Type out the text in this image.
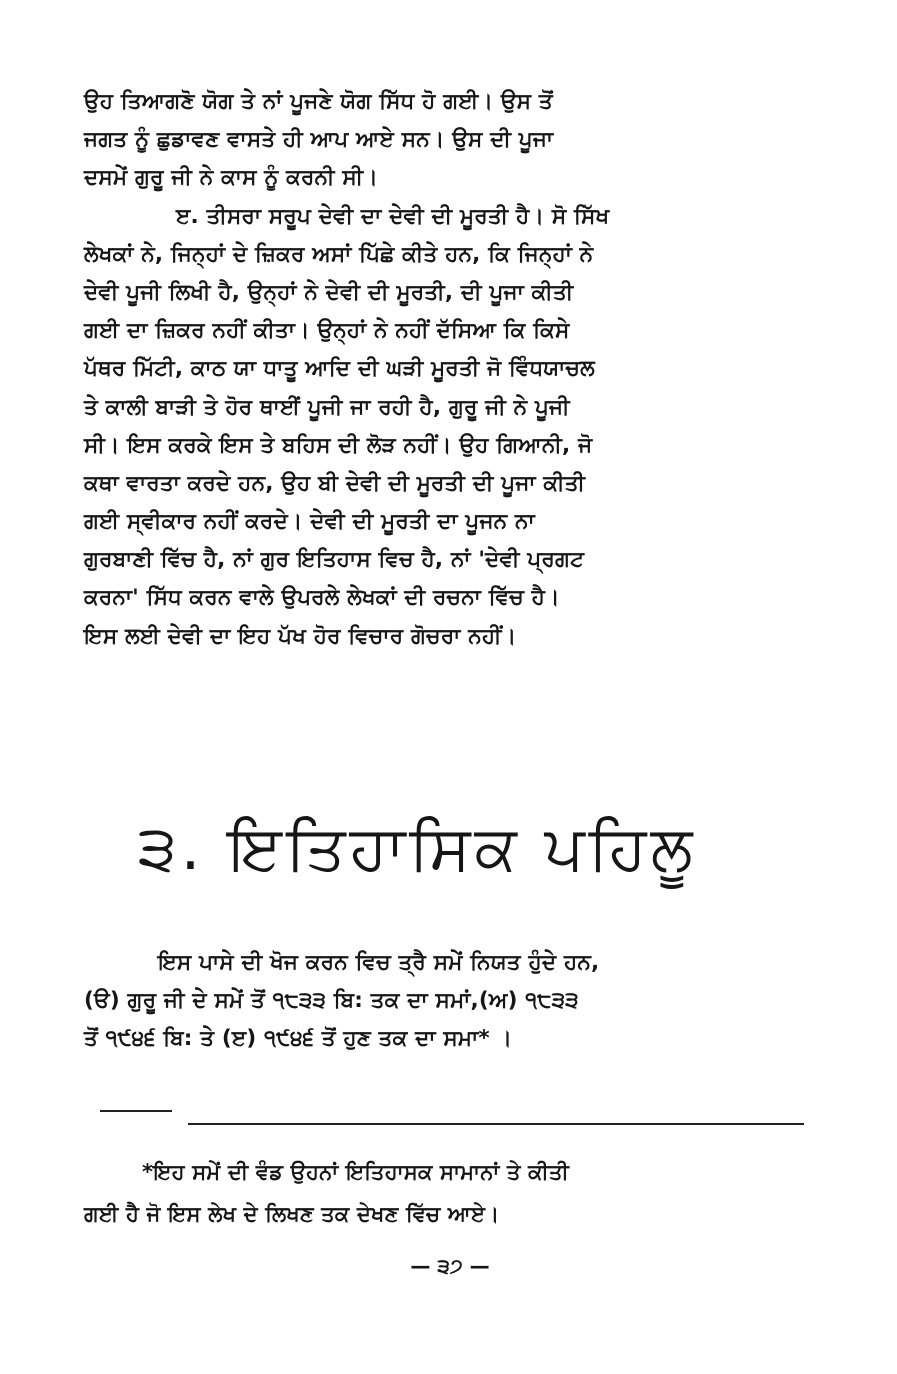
ਉਹ ਤਿਆਗਣੋ ਯੋਗ ਤੇ ਨਾਂ ਪੂਜਣੇ ਯੋਗ ਸਿੱਧ ਹੋ ਗਈ। ਉਸ ਤੋਂ
ਜਗਤ ਨੂੰ ਛੁਡਾਵਣ ਵਾਸਤੇ ਹੀ ਆਪ ਆਏ ਸਨ। ਉਸ ਦੀ ਪੂਜਾ
ਦਸਮੇਂ ਗੁਰੂ ਜੀ ਨੇ ਕਾਸ ਨੂੰ ਕਰਨੀ ਸੀ।
ੲ. ਤੀਸਰਾ ਸਰੂਪ ਦੇਵੀ ਦਾ ਦੇਵੀ ਦੀ ਮੂਰਤੀ ਹੈ। ਸੋ ਸਿੱਖ
ਲੇਖਕਾਂ ਨੇ, ਜਿਨ੍ਹਾਂ ਦੇ ਜ਼ਿਕਰ ਅਸਾਂ ਪਿੱਛੇ ਕੀਤੇ ਹਨ, ਕਿ ਜਿਨ੍ਹਾਂ ਨੇ
ਦੇਵੀ ਪੂਜੀ ਲਿਖੀ ਹੈ, ਉਨ੍ਹਾਂ ਨੇ ਦੇਵੀ ਦੀ ਮੂਰਤੀ, ਦੀ ਪੂਜਾ ਕੀਤੀ
ਗਈ ਦਾ ਜ਼ਿਕਰ ਨਹੀਂ ਕੀਤਾ। ਉਨ੍ਹਾਂ ਨੇ ਨਹੀਂ ਦੱਸਿਆ ਕਿ ਕਿਸੇ
ਪੱਥਰ ਮਿੱਟੀ, ਕਾਠ ਯਾ ਧਾਤੂ ਆਦਿ ਦੀ ਘੜੀ ਮੂਰਤੀ ਜੋ ਵਿੰਧਯਾਚਲ
ਤੇ ਕਾਲੀ ਬਾੜੀ ਤੇ ਹੋਰ ਥਾਈਂ ਪੂਜੀ ਜਾ ਰਹੀ ਹੈ, ਗੁਰੂ ਜੀ ਨੇ ਪੂਜੀ
ਸੀ। ਇਸ ਕਰਕੇ ਇਸ ਤੇ ਬਹਿਸ ਦੀ ਲੋੜ ਨਹੀਂ। ਉਹ ਗਿਆਨੀ, ਜੋ
ਕਥਾ ਵਾਰਤਾ ਕਰਦੇ ਹਨ, ਉਹ ਬੀ ਦੇਵੀ ਦੀ ਮੂਰਤੀ ਦੀ ਪੂਜਾ ਕੀਤੀ
ਗਈ ਸ੍ਵੀਕਾਰ ਨਹੀਂ ਕਰਦੇ। ਦੇਵੀ ਦੀ ਮੂਰਤੀ ਦਾ ਪੂਜਨ ਨਾ
ਗੁਰਬਾਣੀ ਵਿੱਚ ਹੈ, ਨਾਂ ਗੁਰ ਇਤਿਹਾਸ ਵਿਚ ਹੈ, ਨਾਂ 'ਦੇਵੀ ਪ੍ਰਗਟ
ਕਰਨਾ' ਸਿੱਧ ਕਰਨ ਵਾਲੇ ਉਪਰਲੇ ਲੇਖਕਾਂ ਦੀ ਰਚਨਾ ਵਿੱਚ ਹੈ।
ਇਸ ਲਈ ਦੇਵੀ ਦਾ ਇਹ ਪੱਖ ਹੋਰ ਵਿਚਾਰ ਗੋਚਰਾ ਨਹੀਂ।
੩. ਇਤਿਹਾਸਿਕ ਪਹਿਲੂ
ਇਸ ਪਾਸੇ ਦੀ ਖੋਜ ਕਰਨ ਵਿਚ ਤ੍ਰੈ ਸਮੇਂ ਨਿਯਤ ਹੁੰਦੇ ਹਨ,
(ੳ) ਗੁਰੂ ਜੀ ਦੇ ਸਮੇਂ ਤੋਂ ੧੮੩੩ ਬਿ: ਤਕ ਦਾ ਸਮਾਂ,(ਅ) ੧੮੩੩
ਤੋਂ ੧੯੪੬ ਬਿ: ਤੇ (ੲ) ੧੯੪੬ ਤੋਂ ਹੁਣ ਤਕ ਦਾ ਸਮਾ* ।
*ਇਹ ਸਮੇਂ ਦੀ ਵੰਡ ਉਹਨਾਂ ਇਤਿਹਾਸਕ ਸਾਮਾਨਾਂ ਤੇ ਕੀਤੀ
ਗਈ ਹੈ ਜੋ ਇਸ ਲੇਖ ਦੇ ਲਿਖਣ ਤਕ ਦੇਖਣ ਵਿੱਚ ਆਏ।
— ੩੭ —
